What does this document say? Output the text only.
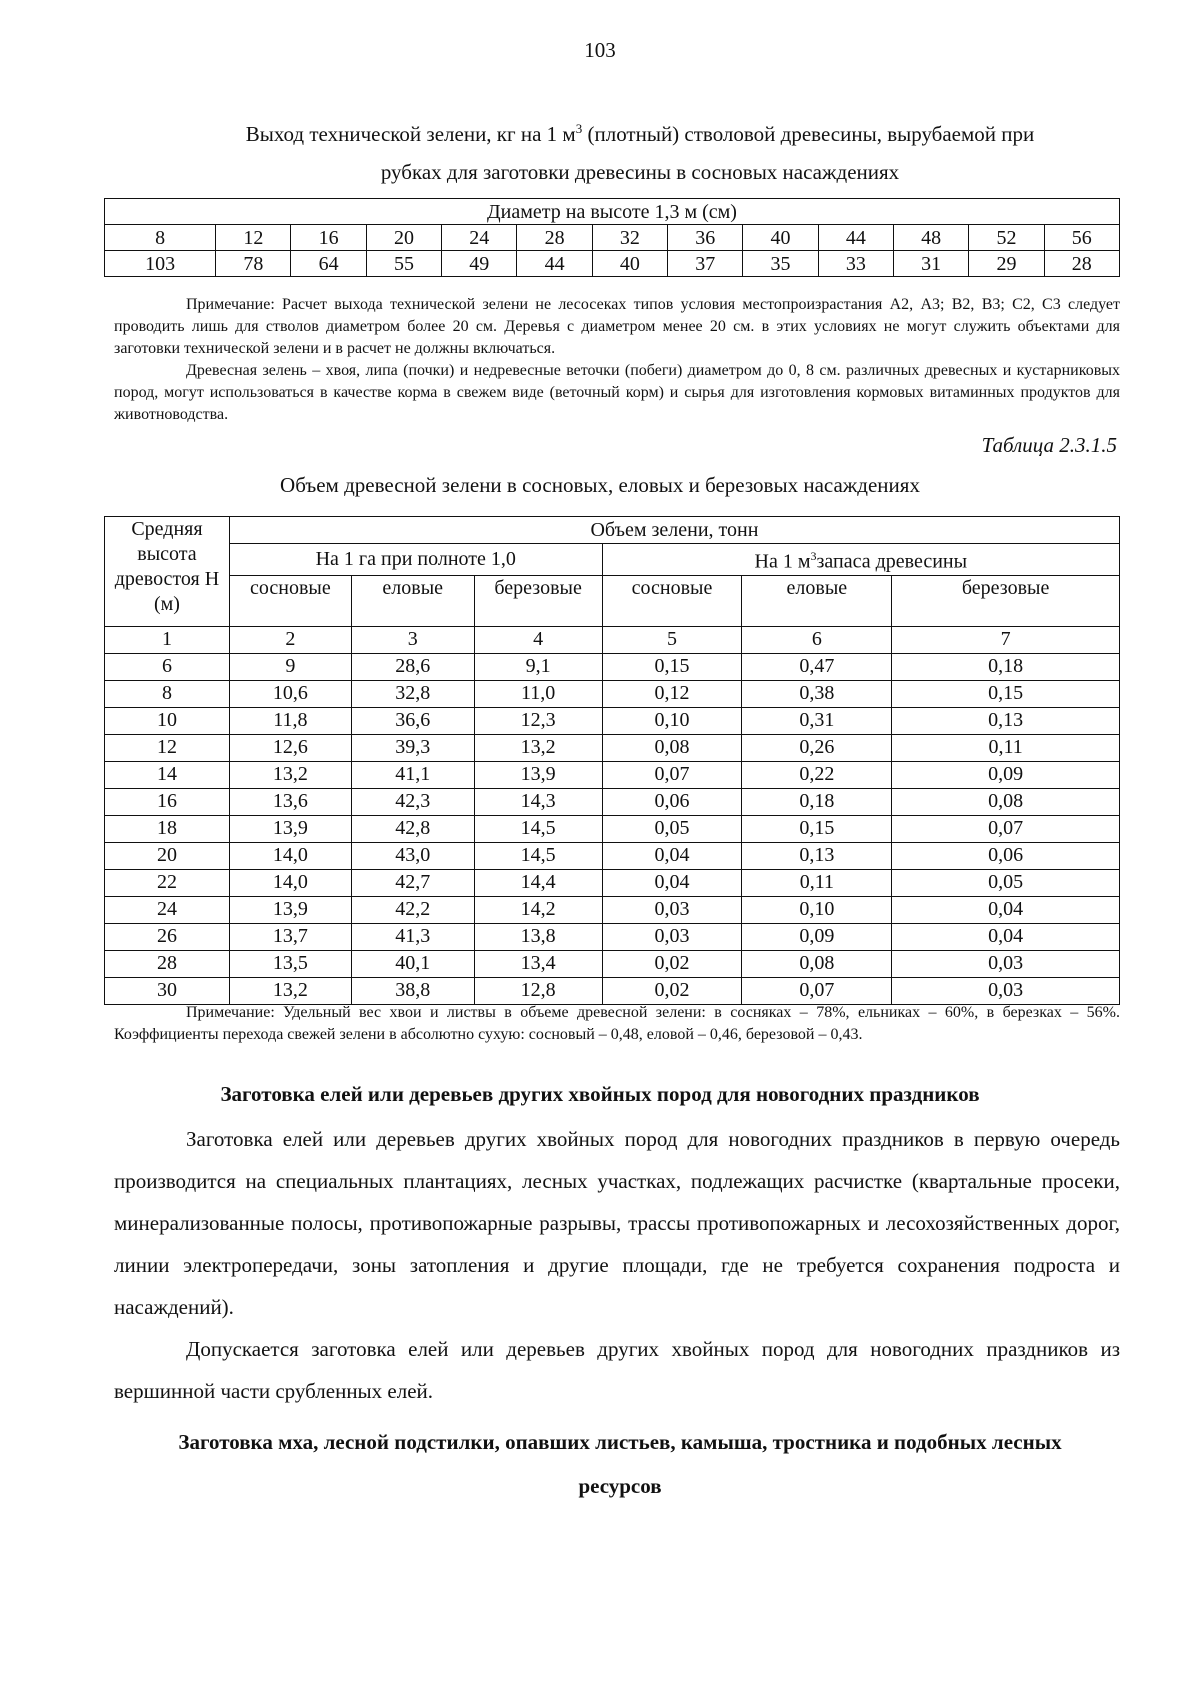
103
Выход технической зелени, кг на 1 $м^3$ (плотный) стволовой древесины, вырубаемой при
рубках для заготовки древесины в сосновых насаждениях
Диаметр на высоте 1,3 м (см)												
8	12	16	20	24	28	32	36	40	44	48	52	56
103	78	64	55	49	44	40	37	35	33	31	29	28

Примечание: Расчет выхода технической зелени не лесосеках типов условия местопроизрастания А2, А3; В2, В3; С2, С3 следует проводить лишь для стволов диаметром более 20 см. Деревья с диаметром менее 20 см. в этих условиях не могут служить объектами для заготовки технической зелени и в расчет не должны включаться.

Древесная зелень – хвоя, липа (почки) и недревесные веточки (побеги) диаметром до 0, 8 см. различных древесных и кустарниковых пород, могут использоваться в качестве корма в свежем виде (веточный корм) и сырья для изготовления кормовых витаминных продуктов для животноводства.

Таблица 2.3.1.5
Объем древесной зелени в сосновых, еловых и березовых насаждениях
Средняя высота древостоя Н (м)	Объем зелени, тонн					
	На 1 га при полноте 1,0			На 1 $м^3запаса$ древесины		
	сосновые	еловые	березовые	сосновые	еловые	березовые
1	2	3	4	5	6	7
6	9	28,6	9,1	0,15	0,47	0,18
8	10,6	32,8	11,0	0,12	0,38	0,15
10	11,8	36,6	12,3	0,10	0,31	0,13
12	12,6	39,3	13,2	0,08	0,26	0,11
14	13,2	41,1	13,9	0,07	0,22	0,09
16	13,6	42,3	14,3	0,06	0,18	0,08
18	13,9	42,8	14,5	0,05	0,15	0,07
20	14,0	43,0	14,5	0,04	0,13	0,06
22	14,0	42,7	14,4	0,04	0,11	0,05
24	13,9	42,2	14,2	0,03	0,10	0,04
26	13,7	41,3	13,8	0,03	0,09	0,04
28	13,5	40,1	13,4	0,02	0,08	0,03
30	13,2	38,8	12,8	0,02	0,07	0,03

Примечание: Удельный вес хвои и листвы в объеме древесной зелени: в сосняках – 78%, ельниках – 60%, в березках – 56%. Коэффициенты перехода свежей зелени в абсолютно сухую: сосновый – 0,48, еловой – 0,46, березовой – 0,43.

Заготовка елей или деревьев других хвойных пород для новогодних праздников

Заготовка елей или деревьев других хвойных пород для новогодних праздников в первую очередь производится на специальных плантациях, лесных участках, подлежащих расчистке (квартальные просеки, минерализованные полосы, противопожарные разрывы, трассы противопожарных и лесохозяйственных дорог, линии электропередачи, зоны затопления и другие площади, где не требуется сохранения подроста и насаждений).

Допускается заготовка елей или деревьев других хвойных пород для новогодних праздников из вершинной части срубленных елей.

Заготовка мха, лесной подстилки, опавших листьев, камыша, тростника и подобных лесных ресурсов
